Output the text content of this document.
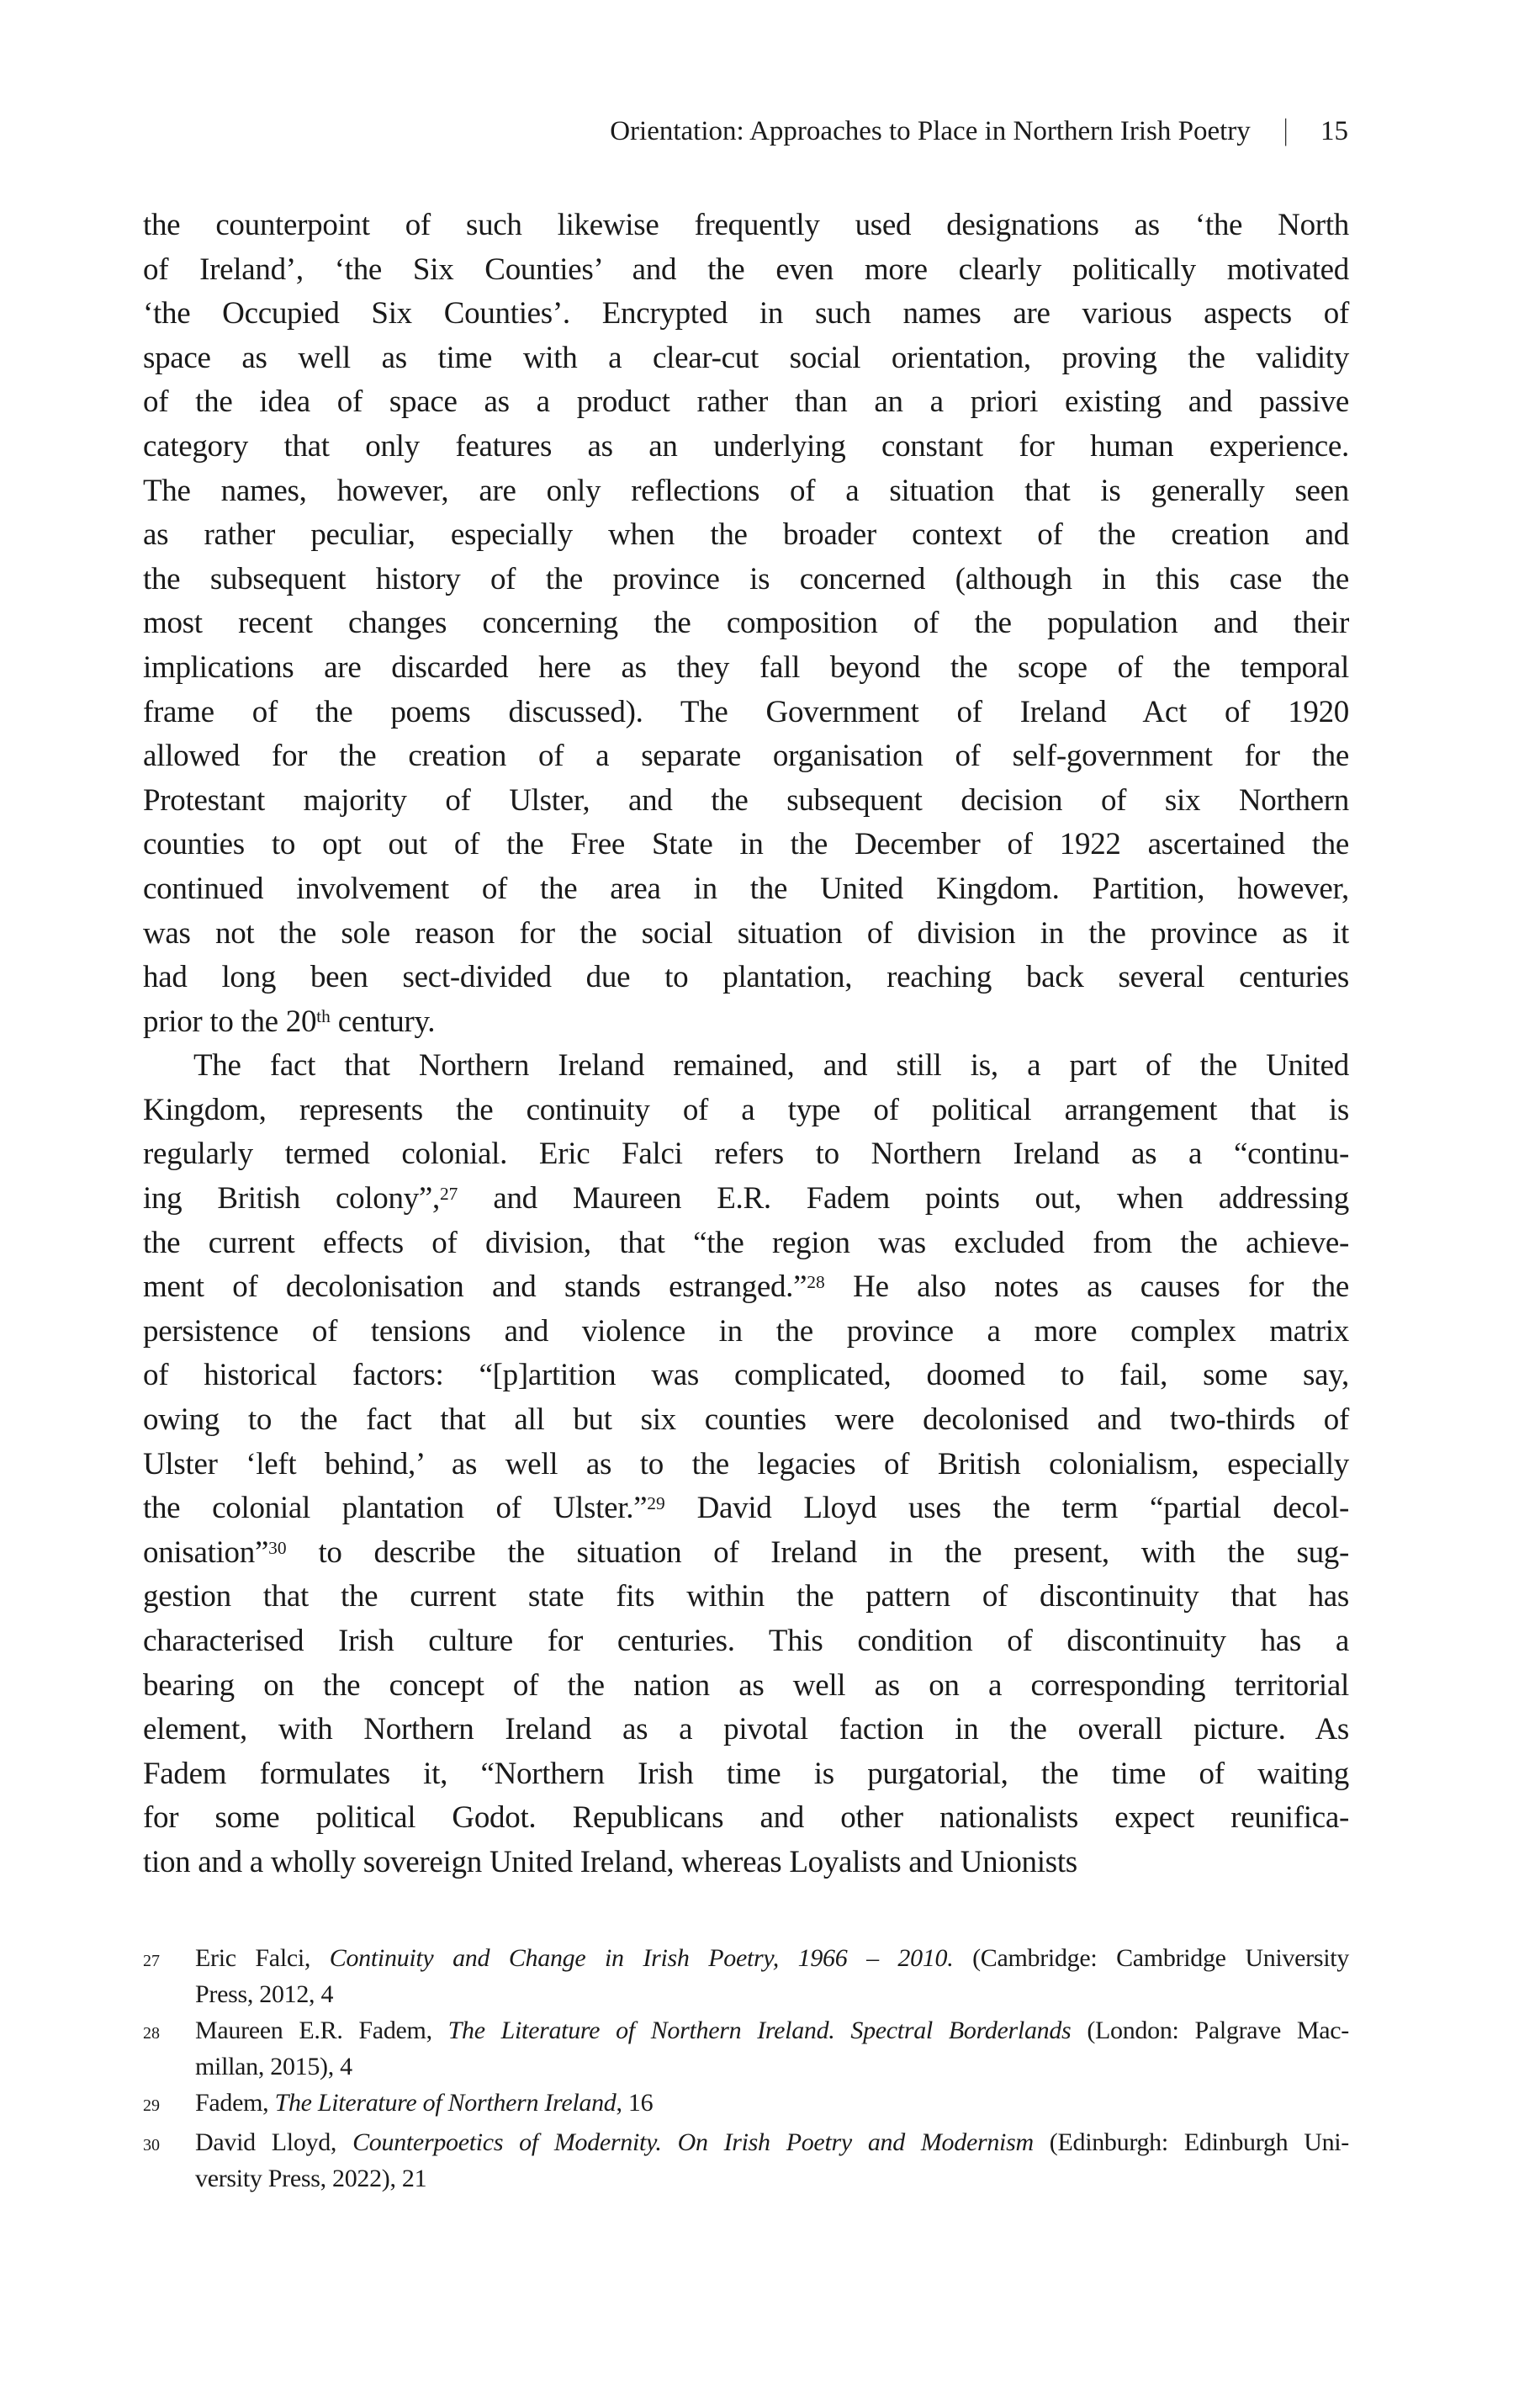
Orientation: Approaches to Place in Northern Irish Poetry | 15
the counterpoint of such likewise frequently used designations as ‘the North
of Ireland’, ‘the Six Counties’ and the even more clearly politically motivated
‘the Occupied Six Counties’. Encrypted in such names are various aspects of
space as well as time with a clear-cut social orientation, proving the validity
of the idea of space as a product rather than an a priori existing and passive
category that only features as an underlying constant for human experience.
The names, however, are only reflections of a situation that is generally seen
as rather peculiar, especially when the broader context of the creation and
the subsequent history of the province is concerned (although in this case the
most recent changes concerning the composition of the population and their
implications are discarded here as they fall beyond the scope of the temporal
frame of the poems discussed). The Government of Ireland Act of 1920
allowed for the creation of a separate organisation of self-government for the
Protestant majority of Ulster, and the subsequent decision of six Northern
counties to opt out of the Free State in the December of 1922 ascertained the
continued involvement of the area in the United Kingdom. Partition, however,
was not the sole reason for the social situation of division in the province as it
had long been sect-divided due to plantation, reaching back several centuries
prior to the 20th century.
The fact that Northern Ireland remained, and still is, a part of the United
Kingdom, represents the continuity of a type of political arrangement that is
regularly termed colonial. Eric Falci refers to Northern Ireland as a “continu-
ing British colony”,$^{27}$ and Maureen E.R. Fadem points out, when addressing
the current effects of division, that “the region was excluded from the achieve-
ment of decolonisation and stands estranged.”$^{28}$ He also notes as causes for the
persistence of tensions and violence in the province a more complex matrix
of historical factors: “[p]artition was complicated, doomed to fail, some say,
owing to the fact that all but six counties were decolonised and two-thirds of
Ulster ‘left behind,’ as well as to the legacies of British colonialism, especially
the colonial plantation of Ulster.”$^{29}$ David Lloyd uses the term “partial decol-
onisation”$^{30}$ to describe the situation of Ireland in the present, with the sug-
gestion that the current state fits within the pattern of discontinuity that has
characterised Irish culture for centuries. This condition of discontinuity has a
bearing on the concept of the nation as well as on a corresponding territorial
element, with Northern Ireland as a pivotal faction in the overall picture. As
Fadem formulates it, “Northern Irish time is purgatorial, the time of waiting
for some political Godot. Republicans and other nationalists expect reunifica-
tion and a wholly sovereign United Ireland, whereas Loyalists and Unionists
27	Eric Falci, Continuity and Change in Irish Poetry, 1966 – 2010. (Cambridge: Cambridge University
Press, 2012, 4
28	Maureen E.R. Fadem, The Literature of Northern Ireland. Spectral Borderlands (London: Palgrave Mac-
millan, 2015), 4
29	Fadem, The Literature of Northern Ireland, 16
30	David Lloyd, Counterpoetics of Modernity. On Irish Poetry and Modernism (Edinburgh: Edinburgh Uni-
versity Press, 2022), 21
